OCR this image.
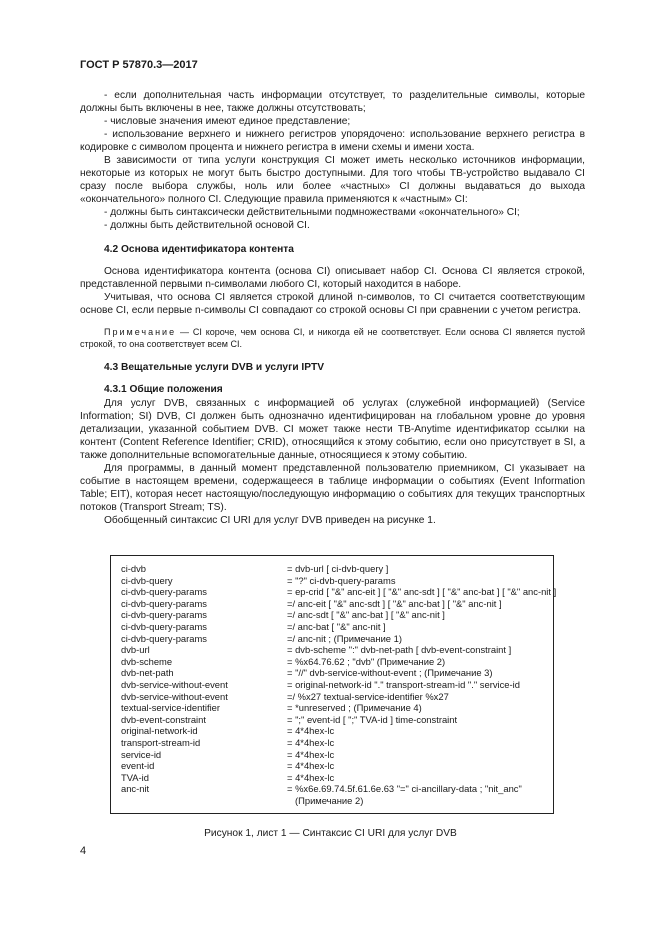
ГОСТ Р 57870.3—2017

- если дополнительная часть информации отсутствует, то разделительные символы, которые должны быть включены в нее, также должны отсутствовать;

- числовые значения имеют единое представление;

- использование верхнего и нижнего регистров упорядочено: использование верхнего регистра в кодировке с символом процента и нижнего регистра в имени схемы и имени хоста.

В зависимости от типа услуги конструкция CI может иметь несколько источников информации, некоторые из которых не могут быть быстро доступными. Для того чтобы ТВ-устройство выдавало CI сразу после выбора службы, ноль или более «частных» CI должны выдаваться до выхода «окончательного» полного CI. Следующие правила применяются к «частным» CI:

- должны быть синтаксически действительными подмножествами «окончательного» CI;

- должны быть действительной основой CI.

4.2 Основа идентификатора контента

Основа идентификатора контента (основа CI) описывает набор CI. Основа CI является строкой, представленной первыми n-символами любого CI, который находится в наборе.

Учитывая, что основа CI является строкой длиной n-символов, то CI считается соответствующим основе CI, если первые n-символы CI совпадают со строкой основы CI при сравнении с учетом регистра.

Примечание — CI короче, чем основа CI, и никогда ей не соответствует. Если основа CI является пустой строкой, то она соответствует всем CI.

4.3 Вещательные услуги DVB и услуги IPTV

4.3.1 Общие положения

Для услуг DVB, связанных с информацией об услугах (служебной информацией) (Service Information; SI) DVB, CI должен быть однозначно идентифицирован на глобальном уровне до уровня детализации, указанной событием DVB. CI может также нести TB-Anytime идентификатор ссылки на контент (Content Reference Identifier; CRID), относящийся к этому событию, если оно присутствует в SI, а также дополнительные вспомогательные данные, относящиеся к этому событию.

Для программы, в данный момент представленной пользователю приемником, CI указывает на событие в настоящем времени, содержащееся в таблице информации о событиях (Event Information Table; EIT), которая несет настоящую/последующую информацию о событиях для текущих транспортных потоков (Transport Stream; TS).

Обобщенный синтаксис CI URI для услуг DVB приведен на рисунке 1.

ci-dvb	= dvb-url [ ci-dvb-query ]
ci-dvb-query	= "?" ci-dvb-query-params
ci-dvb-query-params	= ep-crid [ "&" anc-eit ] [ "&" anc-sdt ] [ "&" anc-bat ] [ "&" anc-nit ]
ci-dvb-query-params	=/ anc-eit [ "&" anc-sdt ] [ "&" anc-bat ] [ "&" anc-nit ]
ci-dvb-query-params	=/ anc-sdt [ "&" anc-bat ] [ "&" anc-nit ]
ci-dvb-query-params	=/ anc-bat [ "&" anc-nit ]
ci-dvb-query-params	=/ anc-nit ; (Примечание 1)
dvb-url	= dvb-scheme ":" dvb-net-path [ dvb-event-constraint ]
dvb-scheme	= %x64.76.62 ; "dvb" (Примечание 2)
dvb-net-path	= "//" dvb-service-without-event ; (Примечание 3)
dvb-service-without-event	= original-network-id "." transport-stream-id "." service-id
dvb-service-without-event	=/ %x27 textual-service-identifier %x27
textual-service-identifier	= *unreserved ; (Примечание 4)
dvb-event-constraint	= ";" event-id [ ";" TVA-id ] time-constraint
original-network-id	= 4*4hex-lc
transport-stream-id	= 4*4hex-lc
service-id	= 4*4hex-lc
event-id	= 4*4hex-lc
TVA-id	= 4*4hex-lc
anc-nit	= %x6e.69.74.5f.61.6e.63 "=" ci-ancillary-data ; "nit_anc"
(Примечание 2)
Рисунок 1, лист 1 — Синтаксис CI URI для услуг DVB
4
